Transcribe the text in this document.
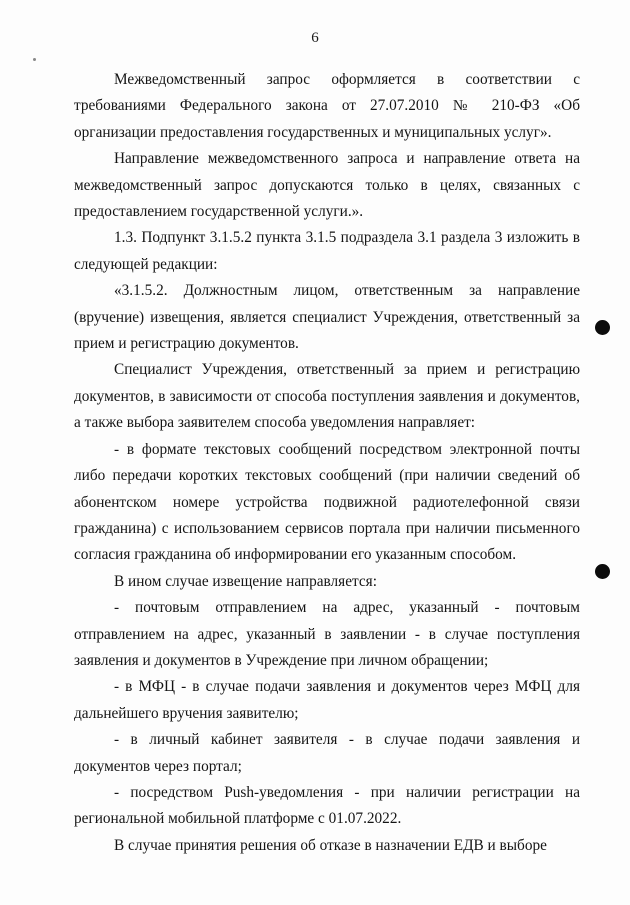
6

Межведомственный запрос оформляется в соответствии с требованиями Федерального закона от 27.07.2010 № 210-ФЗ «Об организации предоставления государственных и муниципальных услуг».

Направление межведомственного запроса и направление ответа на межведомственный запрос допускаются только в целях, связанных с предоставлением государственной услуги.».

1.3. Подпункт 3.1.5.2 пункта 3.1.5 подраздела 3.1 раздела 3 изложить в следующей редакции:

«3.1.5.2. Должностным лицом, ответственным за направление (вручение) извещения, является специалист Учреждения, ответственный за прием и регистрацию документов.

Специалист Учреждения, ответственный за прием и регистрацию документов, в зависимости от способа поступления заявления и документов, а также выбора заявителем способа уведомления направляет:

- в формате текстовых сообщений посредством электронной почты либо передачи коротких текстовых сообщений (при наличии сведений об абонентском номере устройства подвижной радиотелефонной связи гражданина) с использованием сервисов портала при наличии письменного согласия гражданина об информировании его указанным способом.

В ином случае извещение направляется:

- почтовым отправлением на адрес, указанный - почтовым отправлением на адрес, указанный в заявлении - в случае поступления заявления и документов в Учреждение при личном обращении;

- в МФЦ - в случае подачи заявления и документов через МФЦ для дальнейшего вручения заявителю;

- в личный кабинет заявителя - в случае подачи заявления и документов через портал;

- посредством Push-уведомления - при наличии регистрации на региональной мобильной платформе с 01.07.2022.

В случае принятия решения об отказе в назначении ЕДВ и выборе
